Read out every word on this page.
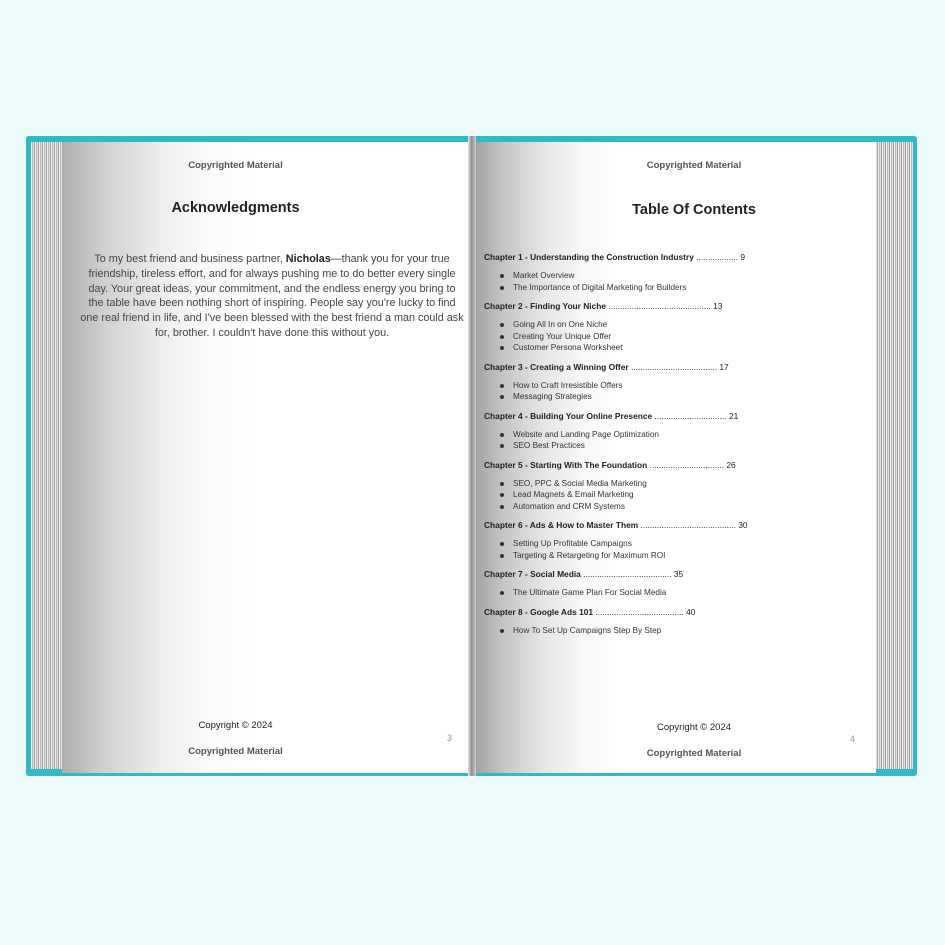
Copyrighted Material
Acknowledgments
To my best friend and business partner, Nicholas—thank you for your true friendship, tireless effort, and for always pushing me to do better every single day. Your great ideas, your commitment, and the endless energy you bring to the table have been nothing short of inspiring. People say you're lucky to find one real friend in life, and I've been blessed with the best friend a man could ask for, brother. I couldn't have done this without you.
Copyright © 2024
3
Copyrighted Material
Copyrighted Material
Table Of Contents
Chapter 1 - Understanding the Construction Industry .................. 9
Market Overview
The Importance of Digital Marketing for Builders
Chapter 2 - Finding Your Niche ............................................ 13
Going All In on One Niche
Creating Your Unique Offer
Customer Persona Worksheet
Chapter 3 - Creating a Winning Offer ..................................... 17
How to Craft Irresistible Offers
Messaging Strategies
Chapter 4 - Building Your Online Presence ............................... 21
Website and Landing Page Optimization
SEO Best Practices
Chapter 5 - Starting With The Foundation ................................ 26
SEO, PPC & Social Media Marketing
Lead Magnets & Email Marketing
Automation and CRM Systems
Chapter 6 - Ads & How to Master Them ......................................... 30
Setting Up Profitable Campaigns
Targeting & Retargeting for Maximum ROI
Chapter 7 - Social Media ...................................... 35
The Ultimate Game Plan For Social Media
Chapter 8 - Google Ads 101 ...................................... 40
How To Set Up Campaigns Step By Step
Copyright © 2024
4
Copyrighted Material
